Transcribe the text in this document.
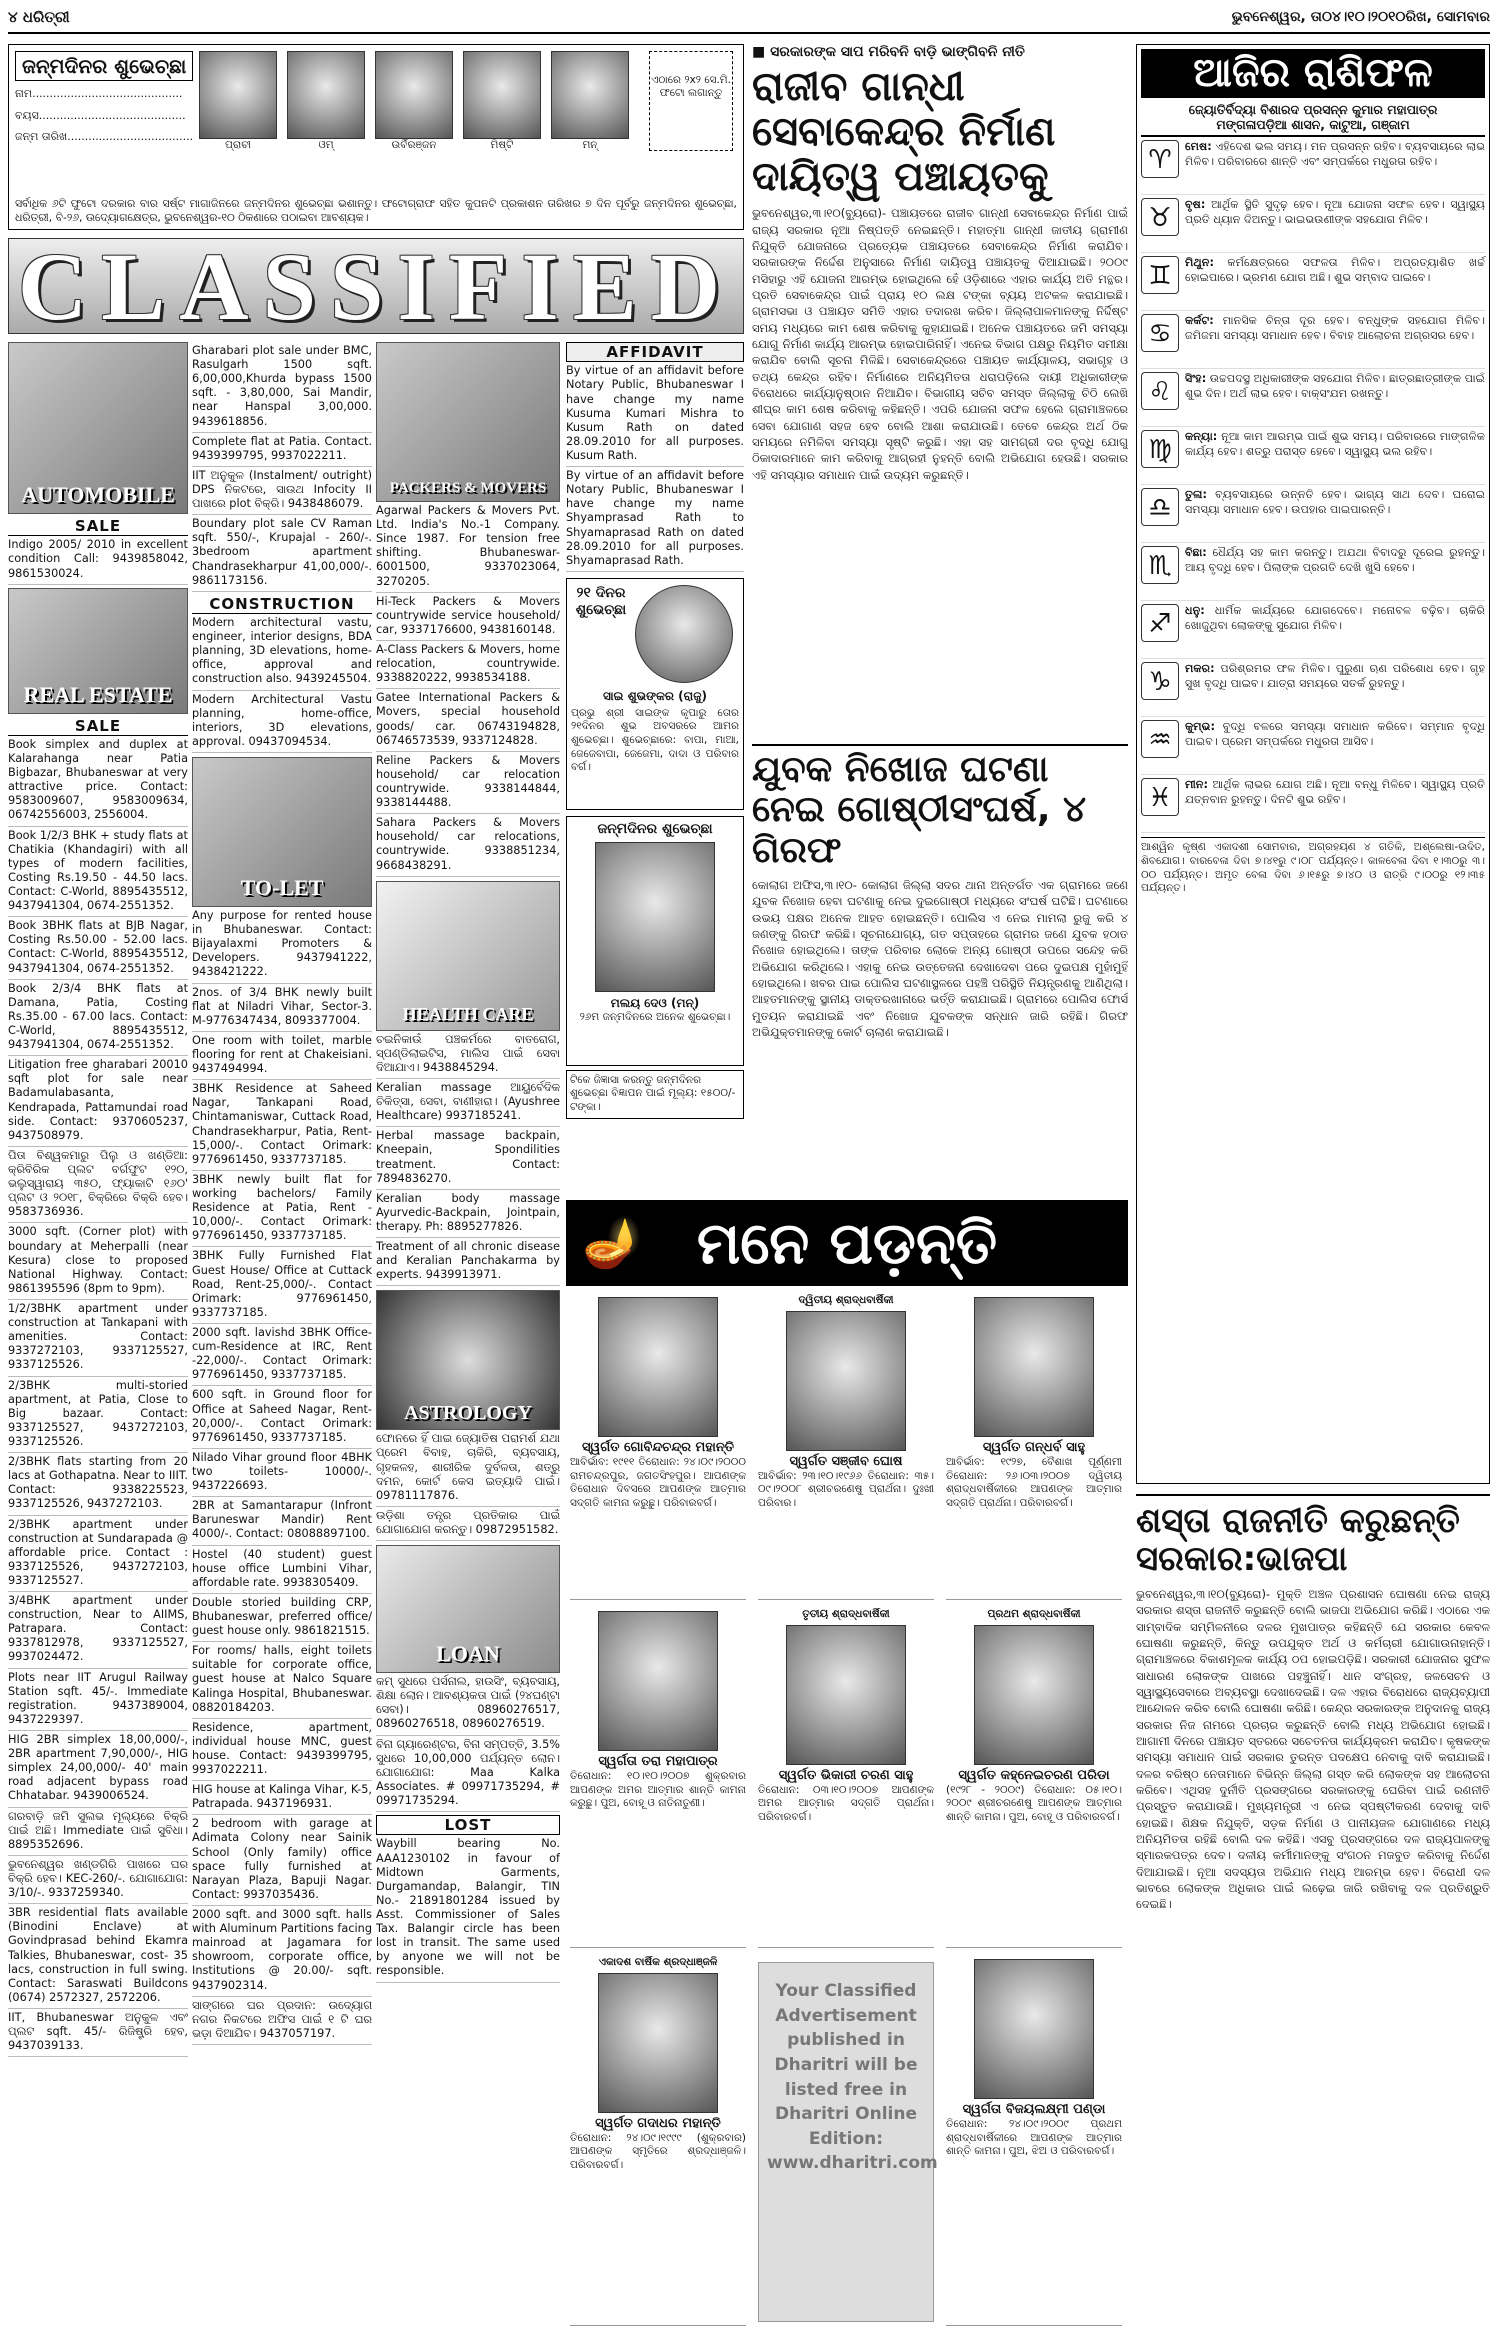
୪ ଧରିତ୍ରୀ	ଭୁବନେଶ୍ୱର, ତା୦୪।୧୦।୨୦୧୦ରିଖ, ସୋମବାର
ଜନ୍ମଦିନର ଶୁଭେଚ୍ଛା
ନାମ...........................................
ବୟସ..........................................
ଜନ୍ମ ତାରିଖ....................................
ପ୍ରାଚୀ	ଓମ୍	ଉର୍ବିରଞ୍ଜନ	ମିଷ୍ଟି	ମନ୍
ଏଠାରେ ୨x୨ ସେ.ମି. ଫଟୋ ଲଗାନ୍ତୁ
ସର୍ବାଧିକ ୬ଟି ଫୁଟୋ ଦରକାର ବାର ସର୍ଷ୍ଟ ମାଗାଜିନରେ ଜନ୍ମଦିନର ଶୁଭେଚ୍ଛା ଭଶାନ୍ତୁ। ଫଟୋଗ୍ରାଫ ସହିତ କୁପନଟି ପ୍ରକାଶନ ତାରିଖର ୭ ଦିନ ପୂର୍ବରୁ ଜନ୍ମଦିନର ଶୁଭେଚ୍ଛା, ଧରିତ୍ରୀ, ବି-୨୬, ଉଦ୍ୟୋଗକ୍ଷେତ୍ର, ଭୁବନେଶ୍ୱର-୧୦ ଠିକଣାରେ ପଠାଇବା ଆବଶ୍ୟକ।
CLASSIFIED
AUTOMOBILE
SALE
Indigo 2005/ 2010 in excellent condition Call: 9439858042, 9861530024.
REAL ESTATE
SALE
Book simplex and duplex at Kalarahanga near Patia Bigbazar, Bhubaneswar at very attractive price. Contact: 9583009607, 9583009634, 06742556003, 2556004.
Book 1/2/3 BHK + study flats at Chatikia (Khandagiri) with all types of modern facilities, Costing Rs.19.50 - 44.50 lacs. Contact: C-World, 8895435512, 9437941304, 0674-2551352.
Book 3BHK flats at BJB Nagar, Costing Rs.50.00 - 52.00 lacs. Contact: C-World, 8895435512, 9437941304, 0674-2551352.
Book 2/3/4 BHK flats at Damana, Patia, Costing Rs.35.00 - 67.00 lacs. Contact: C-World, 8895435512, 9437941304, 0674-2551352.
Litigation free gharabari 20010 sqft plot for sale near Badamulabasanta, Kendrapada, Pattamundai road side. Contact: 9370605237, 9437508979.
ପିତା ବିଶ୍ୱକମାରୁ ପିଲୁ ଓ ଖଣ୍ଡିଆ: କ୍ରିବିରିକ ପ୍ଲଟ ବର୍ଗଫୁଟ ୧୨୦, ଭଲୁସ୍ୱାରାୟ ୩୫୦, ଫ୍ୟାକାଟି ୧୬୦' ପ୍ଲଟ ଓ ୨୦୧୮, ବିକ୍ରିରେ ବିକ୍ରି ହେବ। 9583736936.
3000 sqft. (Corner plot) with boundary at Meherpalli (near Kesura) close to proposed National Highway. Contact: 9861395596 (8pm to 9pm).
1/2/3BHK apartment under construction at Tankapani with amenities. Contact: 9337272103, 9337125527, 9337125526.
2/3BHK multi-storied apartment, at Patia, Close to Big bazaar. Contact: 9337125527, 9437272103, 9337125526.
2/3BHK flats starting from 20 lacs at Gothapatna. Near to IIIT. Contact: 9338225523, 9337125526, 9437272103.
2/3BHK apartment under construction at Sundarapada @ affordable price. Contact : 9337125526, 9437272103, 9337125527.
3/4BHK apartment under construction, Near to AIIMS, Patrapara. Contact: 9337812978, 9337125527, 9937024472.
Plots near IIT Arugul Railway Station sqft. 45/-. Immediate registration. 9437389004, 9437229397.
HIG 2BR simplex 18,00,000/-, 2BR apartment 7,90,000/-, HIG simplex 24,00,000/- 40' main road adjacent bypass road Chhatabar. 9439006524.
ଗରବାଡ଼ି ଜମି ସୁଲଭ ମୂଲ୍ୟରେ ବିକ୍ରି ପାଇଁ ଅଛି। Immediate ପାଇଁ ସୁବିଧା। 8895352696.
ଭୁବନେଶ୍ୱର ଖଣ୍ଡଗିରି ପାଖରେ ଘର ବିକ୍ରି ହେବ। KEC-260/-. ଯୋଗାଯୋଗ: 3/10/-. 9337259340.
3BR residential flats available (Binodini Enclave) at Govindprasad behind Ekamra Talkies, Bhubaneswar, cost- 35 lacs, construction in full swing. Contact: Saraswati Buildcons (0674) 2572327, 2572206.
IIT, Bhubaneswar ଅନୁକୁଳ ଏବଂ ପ୍ଲଟ sqft. 45/- ରିଜିଷ୍ଟ୍ରି ହେବ, 9437039133.
Gharabari plot sale under BMC, Rasulgarh 1500 sqft. 6,00,000,Khurda bypass 1500 sqft. - 3,80,000, Sai Mandir, near Hanspal 3,00,000. 9439618856.
Complete flat at Patia. Contact. 9439399795, 9937022211.
IIT ଅନୁକୁଳ (Instalment/ outright) DPS ନିକଟରେ, ସାଉଥ Infocity II ପାଖରେ plot ବିକ୍ରି। 9438486079.
Boundary plot sale CV Raman sqft. 550/-, Krupajal - 260/-. 3bedroom apartment Chandrasekharpur 41,00,000/-. 9861173156.
CONSTRUCTION
Modern architectural vastu, engineer, interior designs, BDA planning, 3D elevations, home-office, approval and construction also. 9439245504.
Modern Architectural Vastu planning, home-office, interiors, 3D elevations, approval. 09437094534.
TO-LET
Any purpose for rented house in Bhubaneswar. Contact: Bijayalaxmi Promoters & Developers. 9437941222, 9438421222.
2nos. of 3/4 BHK newly built flat at Niladri Vihar, Sector-3. M-9776347434, 8093377004.
One room with toilet, marble flooring for rent at Chakeisiani. 9437494994.
3BHK Residence at Saheed Nagar, Tankapani Road, Chintamaniswar, Cuttack Road, Chandrasekharpur, Patia, Rent- 15,000/-. Contact Orimark: 9776961450, 9337737185.
3BHK newly built flat for working bachelors/ Family Residence at Patia, Rent - 10,000/-. Contact Orimark: 9776961450, 9337737185.
3BHK Fully Furnished Flat Guest House/ Office at Cuttack Road, Rent-25,000/-. Contact Orimark: 9776961450, 9337737185.
2000 sqft. lavishd 3BHK Office-cum-Residence at IRC, Rent -22,000/-. Contact Orimark: 9776961450, 9337737185.
600 sqft. in Ground floor for Office at Saheed Nagar, Rent- 20,000/-. Contact Orimark: 9776961450, 9337737185.
Nilado Vihar ground floor 4BHK two toilets- 10000/-. 9437226693.
2BR at Samantarapur (Infront Baruneswar Mandir) Rent 4000/-. Contact: 08088897100.
Hostel (40 student) guest house office Lumbini Vihar, affordable rate. 9938305409.
Double storied building CRP, Bhubaneswar, preferred office/ guest house only. 9861821515.
For rooms/ halls, eight toilets suitable for corporate office, guest house at Nalco Square Kalinga Hospital, Bhubaneswar. 08820184203.
Residence, apartment, individual house MNC, guest house. Contact: 9439399795, 9937022211.
HIG house at Kalinga Vihar, K-5, Patrapada. 9437196931.
2 bedroom with garage at Adimata Colony near Sainik School (Only family) office space fully furnished at Narayan Plaza, Bapuji Nagar. Contact: 9937035436.
2000 sqft. and 3000 sqft. halls with Aluminum Partitions facing mainroad at Jagamara for showroom, corporate office, Institutions @ 20.00/- sqft. 9437902314.
ସାଙ୍ଗରେ ଘର ପ୍ରଦାନ: ଉଦ୍ୟୋଗ ନଗର ନିକଟରେ ଅଫିସ ପାଇଁ ୧ ଟି ଘର ଭଡ଼ା ଦିଆଯିବ। 9437057197.
PACKERS & MOVERS
Agarwal Packers & Movers Pvt. Ltd. India's No.-1 Company. Since 1987. For tension free shifting. Bhubaneswar- 6001500, 9337023064, 3270205.
Hi-Teck Packers & Movers countrywide service household/ car, 9337176600, 9438160148.
A-Class Packers & Movers, home relocation, countrywide. 9338820222, 9938534188.
Gatee International Packers & Movers, special household goods/ car. 06743194828, 06746573539, 9337124828.
Reline Packers & Movers household/ car relocation countrywide. 9338144844, 9338144488.
Sahara Packers & Movers household/ car relocations, countrywide. 9338851234, 9668438291.
HEALTH CARE
ଚଇନିକାଉଁ ପଞ୍ଚକର୍ମରେ ବାତରୋଗ, ସ୍ପଣ୍ଡିଲାଇଟିସ, ମାଲିସ ପାଇଁ ସେବା ଦିଆଯାଏ। 9438845294.
Keralian massage ଆୟୁର୍ବେଦିକ ଚିକିତ୍ସା, ସେବା, ବାଣୀହାରା। (Ayushree Healthcare) 9937185241.
Herbal massage backpain, Kneepain, Spondilities treatment. Contact: 7894836270.
Keralian body massage Ayurvedic-Backpain, Jointpain, therapy. Ph: 8895277826.
Treatment of all chronic disease and Keralian Panchakarma by experts. 9439913971.
ASTROLOGY
ଫୋନରେ ହିଁ ପାଇ ଜ୍ୟୋତିଷ ପରାମର୍ଶ ଯଥା ପ୍ରେମ ବିବାହ, ଚାକିରି, ବ୍ୟବସାୟ, ଗୃହକଳହ, ଶାରୀରିକ ଦୁର୍ବଳତା, ଶତ୍ରୁ ଦମନ, କୋର୍ଟ କେସ ଇତ୍ୟାଦି ପାଇଁ। 09781117876.
ଉଡ଼ିଶା ତନ୍ତ୍ର ପ୍ରତିକାର ପାଇଁ ଯୋଗାଯୋଗ କରନ୍ତୁ। 09872951582.
LOAN
କମ୍ ସୁଧରେ ପର୍ସନାଲ, ହାଉସିଂ, ବ୍ୟବସାୟ, ଶିକ୍ଷା ଲୋନ। ଆବଶ୍ୟକତା ପାଇଁ (୨୪ଘଣ୍ଟା ସେବା)। 08960276517, 08960276518, 08960276519.
ବିନା ଗ୍ୟାରେଣ୍ଟର, ବିନା ସମ୍ପତ୍ତି, 3.5% ସୁଧରେ 10,00,000 ପର୍ଯ୍ୟନ୍ତ ଲୋନ। ଯୋଗାଯୋଗ: Maa Kalka Associates. # 09971735294, # 09971735294.
LOST
Waybill bearing No. AAA1230102 in favour of Midtown Garments, Durgamandap, Balangir, TIN No.- 21891801284 issued by Asst. Commissioner of Sales Tax. Balangir circle has been lost in transit. The same used by anyone we will not be responsible.
AFFIDAVIT
By virtue of an affidavit before Notary Public, Bhubaneswar I have change my name Kusuma Kumari Mishra to Kusum Rath on dated 28.09.2010 for all purposes. Kusum Rath.
By virtue of an affidavit before Notary Public, Bhubaneswar I have change my name Shyamprasad Rath to Shyamaprasad Rath on dated 28.09.2010 for all purposes. Shyamaprasad Rath.
୨୧ ଦିନର ଶୁଭେଚ୍ଛା
ସାଇ ଶୁଭଙ୍କର (ରାଜୁ)
ପ୍ରଭୁ ଶ୍ରୀ ସାଇଙ୍କ କୃପାରୁ ତୋର ୨୧ଦିନର ଶୁଭ ଅବସରରେ ଆମର ଶୁଭେଚ୍ଛା। ଶୁଭେଚ୍ଛାରେ: ବାପା, ମାଆ, ଜେଜେବାପା, ଜେଜେମା, ଦାଦା ଓ ପରିବାର ବର୍ଗ।
ଜନ୍ମଦିନର ଶୁଭେଚ୍ଛା
ମଲୟ ଦେଓ (ମନ୍)
୨୬ମ ଜନ୍ମଦିନରେ ଅନେକ ଶୁଭେଚ୍ଛା।
ଟିକେ ଜିଜ୍ଞାସା କରନ୍ତୁ ଜନ୍ମଦିନର ଶୁଭେଚ୍ଛା ବିଜ୍ଞାପନ ପାଇଁ ମୂଲ୍ୟ: ୧୫୦୦/- ଟଙ୍କା।
■ ସରକାରଙ୍କ ସାପ ମରିବନି ବାଡ଼ି ଭାଙ୍ଗିବନି ନୀତି
ରାଜୀବ ଗାନ୍ଧୀ ସେବାକେନ୍ଦ୍ର ନିର୍ମାଣ ଦାୟିତ୍ୱ ପଞ୍ଚାୟତକୁ
ଭୁବନେଶ୍ୱର,୩।୧୦(ବ୍ୟୁରୋ)- ପଞ୍ଚାୟତରେ ରାଜୀବ ଗାନ୍ଧୀ ସେବାକେନ୍ଦ୍ର ନିର୍ମାଣ ପାଇଁ ରାଜ୍ୟ ସରକାର ନୂଆ ନିଷ୍ପତ୍ତି ନେଇଛନ୍ତି। ମହାତ୍ମା ଗାନ୍ଧୀ ଜାତୀୟ ଗ୍ରାମୀଣ ନିଯୁକ୍ତି ଯୋଜନାରେ ପ୍ରତ୍ୟେକ ପଞ୍ଚାୟତରେ ସେବାକେନ୍ଦ୍ର ନିର୍ମାଣ କରାଯିବ। ସରକାରଙ୍କ ନିର୍ଦ୍ଦେଶ ଅନୁସାରେ ନିର୍ମାଣ ଦାୟିତ୍ୱ ପଞ୍ଚାୟତକୁ ଦିଆଯାଇଛି। ୨୦୦୯ ମସିହାରୁ ଏହି ଯୋଜନା ଆରମ୍ଭ ହୋଇଥିଲେ ହେଁ ଓଡ଼ିଶାରେ ଏହାର କାର୍ଯ୍ୟ ଅତି ମନ୍ଥର। ପ୍ରତି ସେବାକେନ୍ଦ୍ର ପାଇଁ ପ୍ରାୟ ୧୦ ଲକ୍ଷ ଟଙ୍କା ବ୍ୟୟ ଅଟକଳ କରାଯାଇଛି। ଗ୍ରାମସଭା ଓ ପଞ୍ଚାୟତ ସମିତି ଏହାର ତଦାରଖ କରିବ। ଜିଲ୍ଲାପାଳମାନଙ୍କୁ ନିର୍ଦ୍ଦିଷ୍ଟ ସମୟ ମଧ୍ୟରେ କାମ ଶେଷ କରିବାକୁ କୁହାଯାଇଛି। ଅନେକ ପଞ୍ଚାୟତରେ ଜମି ସମସ୍ୟା ଯୋଗୁ ନିର୍ମାଣ କାର୍ଯ୍ୟ ଆରମ୍ଭ ହୋଇପାରିନାହିଁ। ଏନେଇ ବିଭାଗ ପକ୍ଷରୁ ନିୟମିତ ସମୀକ୍ଷା କରାଯିବ ବୋଲି ସୂଚନା ମିଳିଛି। ସେବାକେନ୍ଦ୍ରରେ ପଞ୍ଚାୟତ କାର୍ଯ୍ୟାଳୟ, ସଭାଗୃହ ଓ ତଥ୍ୟ କେନ୍ଦ୍ର ରହିବ। ନିର୍ମାଣରେ ଅନିୟମିତତା ଧରାପଡ଼ିଲେ ଦାୟୀ ଅଧିକାରୀଙ୍କ ବିରୋଧରେ କାର୍ଯ୍ୟାନୁଷ୍ଠାନ ନିଆଯିବ। ବିଭାଗୀୟ ସଚିବ ସମସ୍ତ ଜିଲ୍ଲାକୁ ଚିଠି ଲେଖି ଶୀଘ୍ର କାମ ଶେଷ କରିବାକୁ କହିଛନ୍ତି। ଏପରି ଯୋଜନା ସଫଳ ହେଲେ ଗ୍ରାମାଞ୍ଚଳରେ ସେବା ଯୋଗାଣ ସହଜ ହେବ ବୋଲି ଆଶା କରାଯାଉଛି। ତେବେ କେନ୍ଦ୍ର ଅର୍ଥ ଠିକ ସମୟରେ ନମିଳିବା ସମସ୍ୟା ସୃଷ୍ଟି କରୁଛି। ଏହା ସହ ସାମଗ୍ରୀ ଦର ବୃଦ୍ଧି ଯୋଗୁ ଠିକାଦାରମାନେ କାମ କରିବାକୁ ଆଗ୍ରହୀ ନୁହନ୍ତି ବୋଲି ଅଭିଯୋଗ ହେଉଛି। ସରକାର ଏହି ସମସ୍ୟାର ସମାଧାନ ପାଇଁ ଉଦ୍ୟମ କରୁଛନ୍ତି।
ଯୁବକ ନିଖୋଜ ଘଟଣା ନେଇ ଗୋଷ୍ଠୀସଂଘର୍ଷ, ୪ ଗିରଫ
କୋଲାଗ ଅଫିସ,୩।୧୦- କୋଲାଗ ଜିଲ୍ଲା ସଦର ଥାନା ଅନ୍ତର୍ଗତ ଏକ ଗ୍ରାମରେ ଜଣେ ଯୁବକ ନିଖୋଜ ହେବା ଘଟଣାକୁ ନେଇ ଦୁଇଗୋଷ୍ଠୀ ମଧ୍ୟରେ ସଂଘର୍ଷ ଘଟିଛି। ଘଟଣାରେ ଉଭୟ ପକ୍ଷର ଅନେକ ଆହତ ହୋଇଛନ୍ତି। ପୋଲିସ ଏ ନେଇ ମାମଲା ରୁଜୁ କରି ୪ ଜଣଙ୍କୁ ଗିରଫ କରିଛି। ସୂଚନାଯୋଗ୍ୟ, ଗତ ସପ୍ତାହରେ ଗ୍ରାମର ଜଣେ ଯୁବକ ହଠାତ ନିଖୋଜ ହୋଇଥିଲେ। ତାଙ୍କ ପରିବାର ଲୋକେ ଅନ୍ୟ ଗୋଷ୍ଠୀ ଉପରେ ସନ୍ଦେହ କରି ଅଭିଯୋଗ କରିଥିଲେ। ଏହାକୁ ନେଇ ଉତ୍ତେଜନା ଦେଖାଦେବା ପରେ ଦୁଇପକ୍ଷ ମୁହାଁମୁହିଁ ହୋଇଥିଲେ। ଖବର ପାଇ ପୋଲିସ ଘଟଣାସ୍ଥଳରେ ପହଞ୍ଚି ପରିସ୍ଥିତି ନିୟନ୍ତ୍ରଣକୁ ଆଣିଥିଲା। ଆହତମାନଙ୍କୁ ସ୍ଥାନୀୟ ଡାକ୍ତରଖାନାରେ ଭର୍ତ୍ତି କରାଯାଇଛି। ଗ୍ରାମରେ ପୋଲିସ ଫୋର୍ସ ମୁତୟନ କରାଯାଇଛି ଏବଂ ନିଖୋଜ ଯୁବକଙ୍କ ସନ୍ଧାନ ଜାରି ରହିଛି। ଗିରଫ ଅଭିଯୁକ୍ତମାନଙ୍କୁ କୋର୍ଟ ଚାଲାଣ କରାଯାଇଛି।
🪔 ମନେ ପଡ଼ନ୍ତି
ସ୍ୱର୍ଗତ ଗୋବିନ୍ଦଚନ୍ଦ୍ର ମହାନ୍ତି
ଆବିର୍ଭାବ: ୧୯୧୧ ତିରୋଧାନ: ୨୪।୦୯।୨୦୦୦ ରାମଚନ୍ଦ୍ରପୁର, ଜଗତସିଂହପୁର। ଆପଣଙ୍କ ତିରୋଧାନ ଦିବସରେ ଆପଣଙ୍କ ଆତ୍ମାର ସଦ୍‌ଗତି କାମନା କରୁଛୁ। ପରିବାରବର୍ଗ।
ଦ୍ୱିତୀୟ ଶ୍ରାଦ୍ଧବାର୍ଷିକୀ
ସ୍ୱର୍ଗତ ସଞ୍ଜୀବ ଘୋଷ
ଆବିର୍ଭାବ: ୨୩।୧୦।୧୯୬୬ ତିରୋଧାନ: ୩୫।୦୯।୨୦୦୮ ଶ୍ରୀଚରଣେଷୁ ପ୍ରାର୍ଥନା। ଦୁଃଖୀ ପରିବାର।
ସ୍ୱର୍ଗତ ଗନ୍ଧର୍ବ ସାହୁ
ଆବିର୍ଭାବ: ୧୯୨୭, ବୈଶାଖ ପୂର୍ଣ୍ଣମୀ ତିରୋଧାନ: ୨୬।୦୩।୨୦୦୭ ଦ୍ୱିତୀୟ ଶ୍ରାଦ୍ଧବାର୍ଷିକୀରେ ଆପଣଙ୍କ ଆତ୍ମାର ସଦ୍‌ଗତି ପ୍ରାର୍ଥନା। ପରିବାରବର୍ଗ।
ସ୍ୱର୍ଗତା ତରା ମହାପାତ୍ର
ତିରୋଧାନ: ୧୦।୧୦।୨୦୦୭ ଶୁକ୍ରବାର ଆପଣଙ୍କ ଅମର ଆତ୍ମାର ଶାନ୍ତି କାମନା କରୁଛୁ। ପୁଅ, ବୋହୂ ଓ ନାତିନାତୁଣୀ।
ତୃତୀୟ ଶ୍ରାଦ୍ଧବାର୍ଷିକୀ
ସ୍ୱର୍ଗତ ଭିକାରୀ ଚରଣ ସାହୁ
ତିରୋଧାନ: ୦୩।୧୦।୨୦୦୭ ଆପଣଙ୍କ ଅମର ଆତ୍ମାର ସଦ୍‌ଗତି ପ୍ରାର୍ଥନା। ପରିବାରବର୍ଗ।
ପ୍ରଥମ ଶ୍ରାଦ୍ଧବାର୍ଷିକୀ
ସ୍ୱର୍ଗତ କହ୍ନେଇଚରଣ ପରିଡା
(୧୯୨୮ - ୨୦୦୯) ତିରୋଧାନ: ୦୫।୧୦।୨୦୦୯ ଶ୍ରୀଚରଣେଷୁ ଆପଣଙ୍କ ଆତ୍ମାର ଶାନ୍ତି କାମନା। ପୁଅ, ବୋହୂ ଓ ପରିବାରବର୍ଗ।
ଏକାଦଶ ବାର୍ଷିକ ଶ୍ରଦ୍ଧାଞ୍ଜଳି
ସ୍ୱର୍ଗତ ଗଦାଧର ମହାନ୍ତି
ତିରୋଧାନ: ୨୪।୦୯।୧୯୯୯ (ଶୁକ୍ରବାର) ଆପଣଙ୍କ ସ୍ମୃତିରେ ଶ୍ରଦ୍ଧାଞ୍ଜଳି। ପରିବାରବର୍ଗ।
ସ୍ୱର୍ଗତା ବିଜୟଲକ୍ଷ୍ମୀ ପଣ୍ଡା
ତିରୋଧାନ: ୨୪।୦୯।୨୦୦୯ ପ୍ରଥମ ଶ୍ରାଦ୍ଧବାର୍ଷିକୀରେ ଆପଣଙ୍କ ଆତ୍ମାର ଶାନ୍ତି କାମନା। ପୁଅ, ଝିଅ ଓ ପରିବାରବର୍ଗ।
Your Classified Advertisement published in Dharitri will be listed free in Dharitri Online Edition: www.dharitri.com
ଆଜିର ରାଶିଫଳ
ଜ୍ୟୋତିର୍ବିଦ୍ୟା ବିଶାରଦ ପ୍ରସନ୍ନ କୁମାର ମହାପାତ୍ର
ମଙ୍ଗଳାପଡ଼ିଆ ଶାସନ, କାଟୁଆ, ଗଞ୍ଜାମ
♈	ମେଷ: ଏହିଦେଶ ଭଲ ସମୟ। ମନ ପ୍ରସନ୍ନ ରହିବ। ବ୍ୟବସାୟରେ ଲାଭ ମିଳିବ। ପରିବାରରେ ଶାନ୍ତି ଏବଂ ସମ୍ପର୍କରେ ମଧୁରତା ରହିବ।
♉	ବୃଷ: ଆର୍ଥିକ ସ୍ଥିତି ସୁଦୃଢ଼ ହେବ। ନୂଆ ଯୋଜନା ସଫଳ ହେବ। ସ୍ୱାସ୍ଥ୍ୟ ପ୍ରତି ଧ୍ୟାନ ଦିଅନ୍ତୁ। ଭାଇଭଉଣୀଙ୍କ ସହଯୋଗ ମିଳିବ।
♊	ମିଥୁନ: କର୍ମକ୍ଷେତ୍ରରେ ସଫଳତା ମିଳିବ। ଅପ୍ରତ୍ୟାଶିତ ଖର୍ଚ୍ଚ ହୋଇପାରେ। ଭ୍ରମଣ ଯୋଗ ଅଛି। ଶୁଭ ସମ୍ବାଦ ପାଇବେ।
♋	କର୍କଟ: ମାନସିକ ଚିନ୍ତା ଦୂର ହେବ। ବନ୍ଧୁଙ୍କ ସହଯୋଗ ମିଳିବ। ଜମିଜମା ସମସ୍ୟା ସମାଧାନ ହେବ। ବିବାହ ଆଲୋଚନା ଅଗ୍ରସର ହେବ।
♌	ସିଂହ: ଉଚ୍ଚପଦସ୍ଥ ଅଧିକାରୀଙ୍କ ସହଯୋଗ ମିଳିବ। ଛାତ୍ରଛାତ୍ରୀଙ୍କ ପାଇଁ ଶୁଭ ଦିନ। ଅର୍ଥ ଲାଭ ହେବ। ବାକ୍‌ସଂଯମ ରଖନ୍ତୁ।
♍	କନ୍ୟା: ନୂଆ କାମ ଆରମ୍ଭ ପାଇଁ ଶୁଭ ସମୟ। ପରିବାରରେ ମାଙ୍ଗଳିକ କାର୍ଯ୍ୟ ହେବ। ଶତ୍ରୁ ପରାସ୍ତ ହେବେ। ସ୍ୱାସ୍ଥ୍ୟ ଭଲ ରହିବ।
♎	ତୁଳା: ବ୍ୟବସାୟରେ ଉନ୍ନତି ହେବ। ଭାଗ୍ୟ ସାଥ ଦେବ। ଘରୋଇ ସମସ୍ୟା ସମାଧାନ ହେବ। ଉପହାର ପାଇପାରନ୍ତି।
♏	ବିଛା: ଧୈର୍ଯ୍ୟ ସହ କାମ କରନ୍ତୁ। ଅଯଥା ବିବାଦରୁ ଦୂରେଇ ରୁହନ୍ତୁ। ଆୟ ବୃଦ୍ଧି ହେବ। ପିଲାଙ୍କ ପ୍ରଗତି ଦେଖି ଖୁସି ହେବେ।
♐	ଧନୁ: ଧାର୍ମିକ କାର୍ଯ୍ୟରେ ଯୋଗଦେବେ। ମନୋବଳ ବଢ଼ିବ। ଚାକିରି ଖୋଜୁଥିବା ଲୋକଙ୍କୁ ସୁଯୋଗ ମିଳିବ।
♑	ମକର: ପରିଶ୍ରମର ଫଳ ମିଳିବ। ପୁରୁଣା ଋଣ ପରିଶୋଧ ହେବ। ଗୃହ ସୁଖ ବୃଦ୍ଧି ପାଇବ। ଯାତ୍ରା ସମୟରେ ସତର୍କ ରୁହନ୍ତୁ।
♒	କୁମ୍ଭ: ବୁଦ୍ଧି ବଳରେ ସମସ୍ୟା ସମାଧାନ କରିବେ। ସମ୍ମାନ ବୃଦ୍ଧି ପାଇବ। ପ୍ରେମ ସମ୍ପର୍କରେ ମଧୁରତା ଆସିବ।
♓	ମୀନ: ଆର୍ଥିକ ଲାଭର ଯୋଗ ଅଛି। ନୂଆ ବନ୍ଧୁ ମିଳିବେ। ସ୍ୱାସ୍ଥ୍ୟ ପ୍ରତି ଯତ୍ନବାନ ରୁହନ୍ତୁ। ଦିନଟି ଶୁଭ ରହିବ।
ଆଶ୍ୱିନ କୃଷ୍ଣ ଏକାଦଶୀ ସୋମବାର, ଅଗ୍ରହୟଣ ୪ ଗତିକି, ଅଶ୍ଲେଷା-ଉଦିତ, ଶିବଯୋଗ। ବାରବେଳା ଦିବା ୭।୪୧ରୁ ୯।୦୮ ପର୍ଯ୍ୟନ୍ତ। କାଳବେଳା ଦିବା ୧।୩୦ରୁ ୩।୦୦ ପର୍ଯ୍ୟନ୍ତ। ଅମୃତ ବେଳା ଦିବା ୬।୧୫ରୁ ୭।୪୦ ଓ ରାତ୍ରି ୯।୦୦ରୁ ୧୨।୩୫ ପର୍ଯ୍ୟନ୍ତ।
ଶସ୍ତା ରାଜନୀତି କରୁଛନ୍ତି ସରକାର:ଭାଜପା
ଭୁବନେଶ୍ୱର,୩।୧୦(ବ୍ୟୁରୋ)- ମୁକ୍ତି ଅଞ୍ଚଳ ପ୍ରଶାସନ ଘୋଷଣା ନେଇ ରାଜ୍ୟ ସରକାର ଶସ୍ତା ରାଜନୀତି କରୁଛନ୍ତି ବୋଲି ଭାଜପା ଅଭିଯୋଗ କରିଛି। ଏଠାରେ ଏକ ସାମ୍ବାଦିକ ସମ୍ମିଳନୀରେ ଦଳର ମୁଖପାତ୍ର କହିଛନ୍ତି ଯେ ସରକାର କେବଳ ଘୋଷଣା କରୁଛନ୍ତି, କିନ୍ତୁ ଉପଯୁକ୍ତ ଅର୍ଥ ଓ କର୍ମଚାରୀ ଯୋଗାଉନାହାନ୍ତି। ଗ୍ରାମାଞ୍ଚଳରେ ବିକାଶମୂଳକ କାର୍ଯ୍ୟ ଠପ ହୋଇପଡ଼ିଛି। ସରକାରୀ ଯୋଜନାର ସୁଫଳ ସାଧାରଣ ଲୋକଙ୍କ ପାଖରେ ପହଞ୍ଚୁନାହିଁ। ଧାନ ସଂଗ୍ରହ, ଜଳସେଚନ ଓ ସ୍ୱାସ୍ଥ୍ୟସେବାରେ ଅବ୍ୟବସ୍ଥା ଦେଖାଦେଇଛି। ଦଳ ଏହାର ବିରୋଧରେ ରାଜ୍ୟବ୍ୟାପୀ ଆନ୍ଦୋଳନ କରିବ ବୋଲି ଘୋଷଣା କରିଛି। କେନ୍ଦ୍ର ସରକାରଙ୍କ ଅନୁଦାନକୁ ରାଜ୍ୟ ସରକାର ନିଜ ନାମରେ ପ୍ରଚାର କରୁଛନ୍ତି ବୋଲି ମଧ୍ୟ ଅଭିଯୋଗ ହୋଇଛି। ଆଗାମୀ ଦିନରେ ପଞ୍ଚାୟତ ସ୍ତରରେ ସଚେତନତା କାର୍ଯ୍ୟକ୍ରମ କରାଯିବ। କୃଷକଙ୍କ ସମସ୍ୟା ସମାଧାନ ପାଇଁ ସରକାର ତୁରନ୍ତ ପଦକ୍ଷେପ ନେବାକୁ ଦାବି କରାଯାଇଛି। ଦଳର ବରିଷ୍ଠ ନେତାମାନେ ବିଭିନ୍ନ ଜିଲ୍ଲା ଗସ୍ତ କରି ଲୋକଙ୍କ ସହ ଆଲୋଚନା କରିବେ। ଏଥିସହ ଦୁର୍ନୀତି ପ୍ରସଙ୍ଗରେ ସରକାରଙ୍କୁ ଘେରିବା ପାଇଁ ରଣନୀତି ପ୍ରସ୍ତୁତ କରାଯାଉଛି। ମୁଖ୍ୟମନ୍ତ୍ରୀ ଏ ନେଇ ସ୍ପଷ୍ଟୀକରଣ ଦେବାକୁ ଦାବି ହୋଇଛି। ଶିକ୍ଷକ ନିଯୁକ୍ତି, ସଡ଼କ ନିର୍ମାଣ ଓ ପାନୀୟଜଳ ଯୋଗାଣରେ ମଧ୍ୟ ଅନିୟମିତତା ରହିଛି ବୋଲି ଦଳ କହିଛି। ଏସବୁ ପ୍ରସଙ୍ଗରେ ଦଳ ରାଜ୍ୟପାଳଙ୍କୁ ସ୍ମାରକପତ୍ର ଦେବ। ଦଳୀୟ କର୍ମୀମାନଙ୍କୁ ସଂଗଠନ ମଜବୁତ କରିବାକୁ ନିର୍ଦ୍ଦେଶ ଦିଆଯାଇଛି। ନୂଆ ସଦସ୍ୟତା ଅଭିଯାନ ମଧ୍ୟ ଆରମ୍ଭ ହେବ। ବିରୋଧୀ ଦଳ ଭାବରେ ଲୋକଙ୍କ ଅଧିକାର ପାଇଁ ଲଢ଼େଇ ଜାରି ରଖିବାକୁ ଦଳ ପ୍ରତିଶ୍ରୁତି ଦେଇଛି।
